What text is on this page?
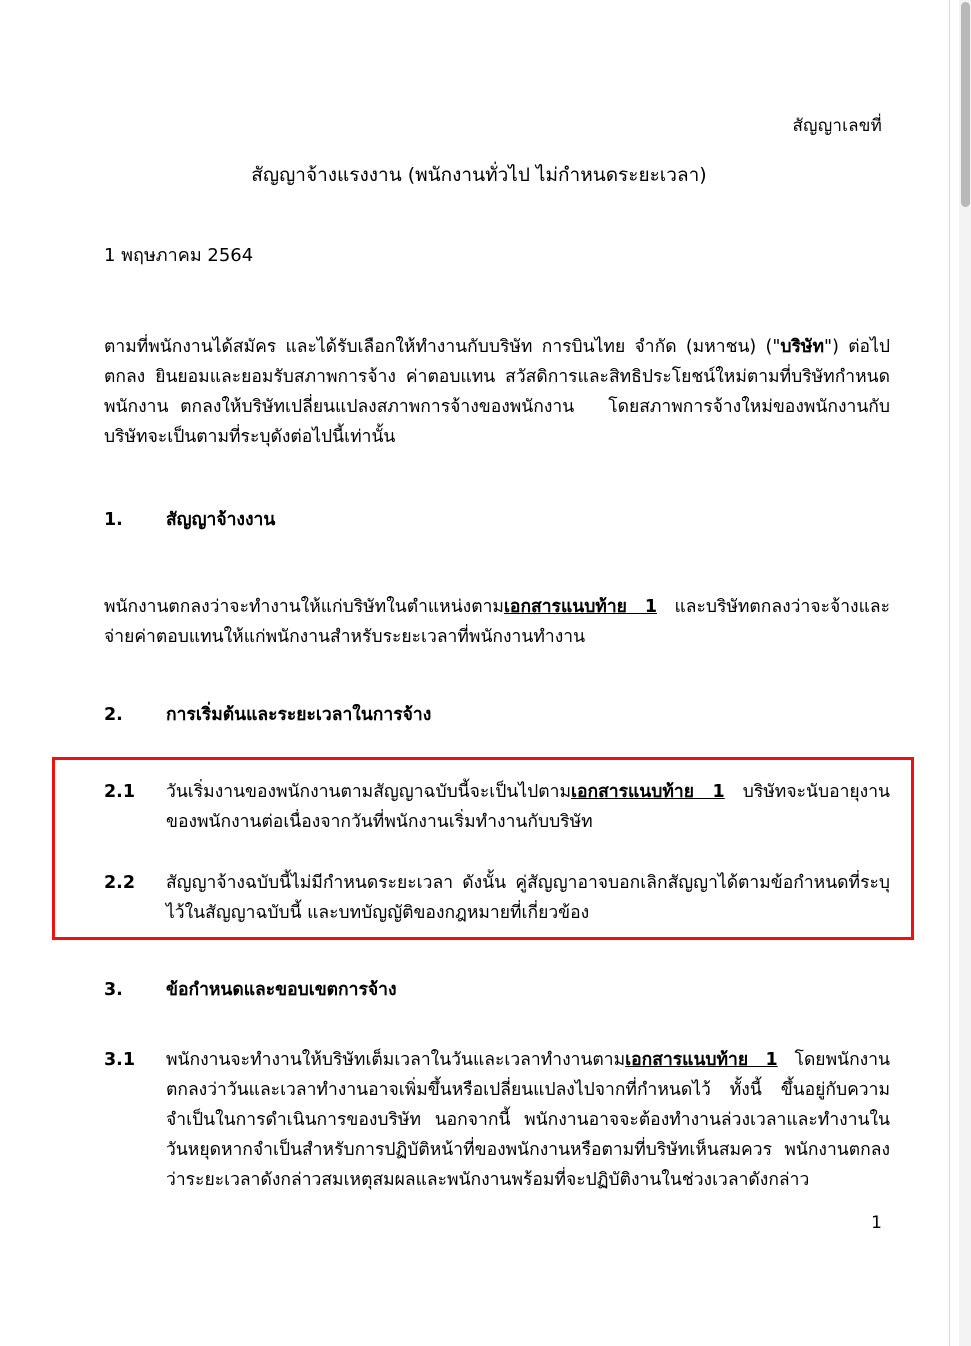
สัญญาเลขที่
สัญญาจ้างแรงงาน (พนักงานทั่วไป ไม่กำหนดระยะเวลา)
1 พฤษภาคม 2564
ตามที่พนักงานได้สมัคร และได้รับเลือกให้ทำงานกับบริษัท การบินไทย จำกัด (มหาชน) ("บริษัท") ต่อไป ตกลง ยินยอมและยอมรับสภาพการจ้าง ค่าตอบแทน สวัสดิการและสิทธิประโยชน์ใหม่ตามที่บริษัทกำหนด พนักงาน ตกลงให้บริษัทเปลี่ยนแปลงสภาพการจ้างของพนักงาน โดยสภาพการจ้างใหม่ของพนักงานกับบริษัทจะเป็นตามที่ระบุดังต่อไปนี้เท่านั้น
1.	สัญญาจ้างงาน
พนักงานตกลงว่าจะทำงานให้แก่บริษัทในตำแหน่งตามเอกสารแนบท้าย 1 และบริษัทตกลงว่าจะจ้างและจ่ายค่าตอบแทนให้แก่พนักงานสำหรับระยะเวลาที่พนักงานทำงาน
2.	การเริ่มต้นและระยะเวลาในการจ้าง
2.1	วันเริ่มงานของพนักงานตามสัญญาฉบับนี้จะเป็นไปตามเอกสารแนบท้าย 1 บริษัทจะนับอายุงานของพนักงานต่อเนื่องจากวันที่พนักงานเริ่มทำงานกับบริษัท
2.2	สัญญาจ้างฉบับนี้ไม่มีกำหนดระยะเวลา ดังนั้น คู่สัญญาอาจบอกเลิกสัญญาได้ตามข้อกำหนดที่ระบุไว้ในสัญญาฉบับนี้ และบทบัญญัติของกฎหมายที่เกี่ยวข้อง
3.	ข้อกำหนดและขอบเขตการจ้าง
3.1	พนักงานจะทำงานให้บริษัทเต็มเวลาในวันและเวลาทำงานตามเอกสารแนบท้าย 1 โดยพนักงานตกลงว่าวันและเวลาทำงานอาจเพิ่มขึ้นหรือเปลี่ยนแปลงไปจากที่กำหนดไว้ ทั้งนี้ ขึ้นอยู่กับความจำเป็นในการดำเนินการของบริษัท นอกจากนี้ พนักงานอาจจะต้องทำงานล่วงเวลาและทำงานในวันหยุดหากจำเป็นสำหรับการปฏิบัติหน้าที่ของพนักงานหรือตามที่บริษัทเห็นสมควร พนักงานตกลงว่าระยะเวลาดังกล่าวสมเหตุสมผลและพนักงานพร้อมที่จะปฏิบัติงานในช่วงเวลาดังกล่าว
1
